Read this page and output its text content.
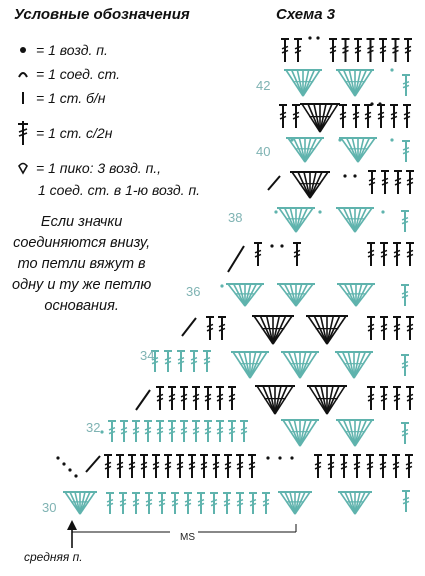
Условные обозначения	Схема 3
= 1 возд. п.
= 1 соед. ст.
= 1 ст. б/н
= 1 ст. с/2н
= 1 пико: 3 возд. п.,
1 соед. ст. в 1-ю возд. п.
Если значки
соединяются внизу,
то петли вяжут в
одну и ту же петлю
основания.
42
40
38
36
34
32
30
MS
средняя п.
